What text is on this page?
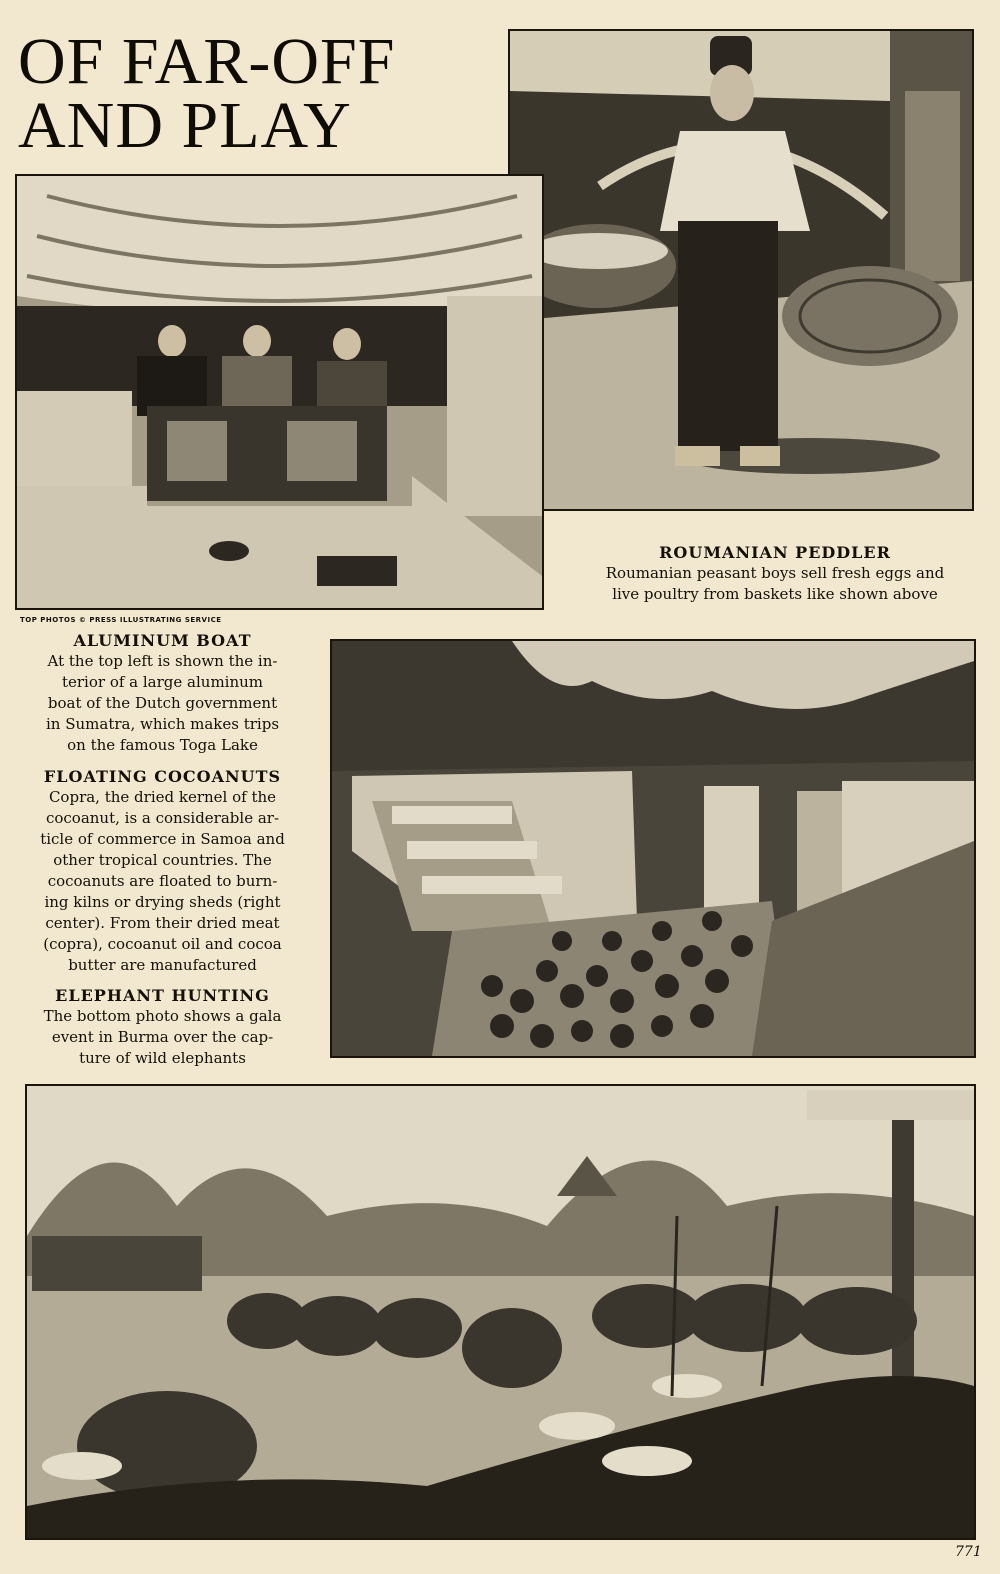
OF FAR-OFF
AND PLAY
TOP PHOTOS © PRESS ILLUSTRATING SERVICE
ROUMANIAN PEDDLER
Roumanian peasant boys sell fresh eggs and
live poultry from baskets like shown above
ALUMINUM BOAT
At the top left is shown the in-
terior of a large aluminum
boat of the Dutch government
in Sumatra, which makes trips
on the famous Toga Lake
FLOATING COCOANUTS
Copra, the dried kernel of the
cocoanut, is a considerable ar-
ticle of commerce in Samoa and
other tropical countries. The
cocoanuts are floated to burn-
ing kilns or drying sheds (right
center). From their dried meat
(copra), cocoanut oil and cocoa
butter are manufactured
ELEPHANT HUNTING
The bottom photo shows a gala
event in Burma over the cap-
ture of wild elephants
771
